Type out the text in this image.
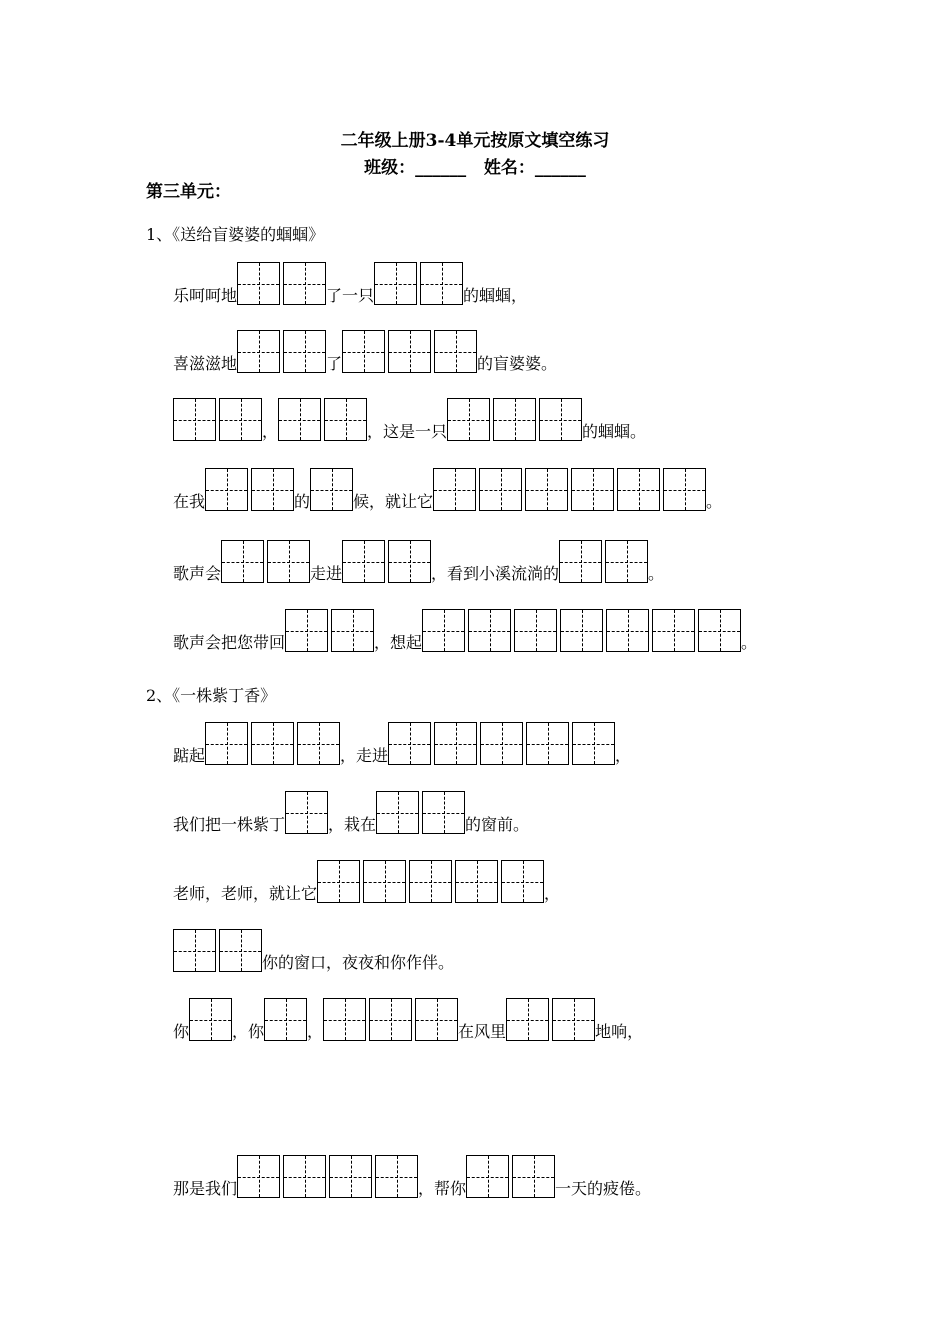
二年级上册3-4单元按原文填空练习
班级：______ 姓名：______
第三单元：
1、《送给盲婆婆的蝈蝈》
乐呵呵地	了一只	的蝈蝈，
喜滋滋地	了	的盲婆婆。
，	，这是一只	的蝈蝈。
在我	的	候，就让它	。
歌声会	走进	，看到小溪流淌的	。
歌声会把您带回	，想起	。
2、《一株紫丁香》
踮起	，走进	，
我们把一株紫丁	，栽在	的窗前。
老师，老师，就让它	，
你的窗口，夜夜和你作伴。
你	，你	，	在风里	地响，
那是我们	，帮你	一天的疲倦。
